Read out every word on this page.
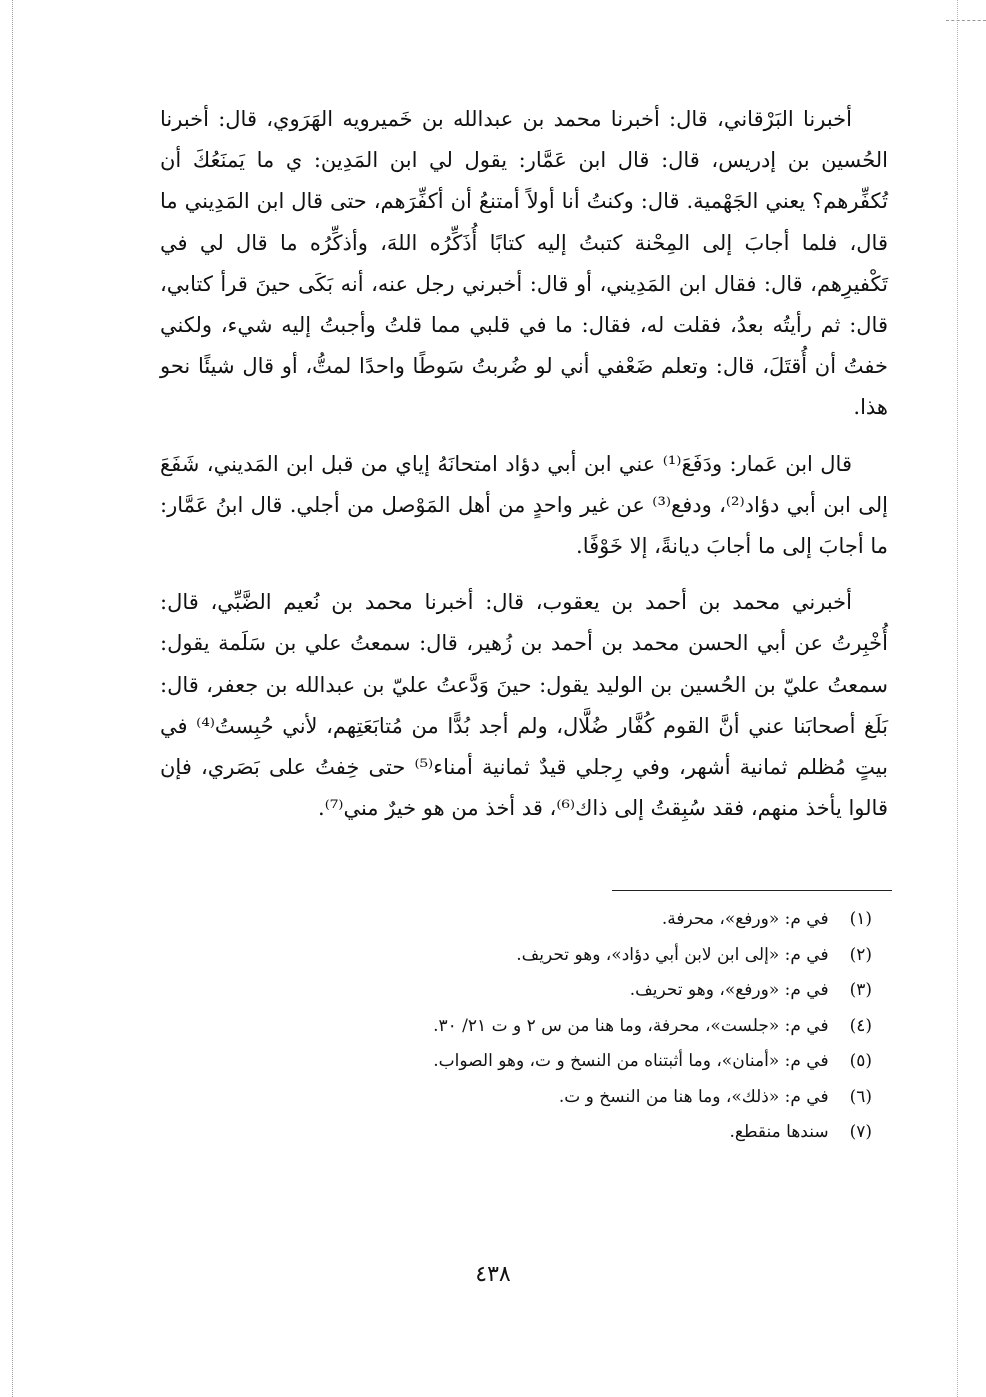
أخبرنا البَرْقاني، قال: أخبرنا محمد بن عبدالله بن خَميرويه الهَرَوي، قال: أخبرنا الحُسين بن إدريس، قال: قال ابن عَمَّار: يقول لي ابن المَدِين: ي ما يَمنَعُكَ أن تُكفِّرهم؟ يعني الجَهْمية. قال: وكنتُ أنا أولاً أمتنعُ أن أكفِّرَهم، حتى قال ابن المَدِيني ما قال، فلما أجابَ إلى المِحْنة كتبتُ إليه كتابًا أُذَكِّرُه اللهَ، وأذكِّرُه ما قال لي في تَكْفيرِهم، قال: فقال ابن المَدِيني، أو قال: أخبرني رجل عنه، أنه بَكَى حينَ قرأ كتابي، قال: ثم رأيتُه بعدُ، فقلت له، فقال: ما في قلبي مما قلتُ وأجبتُ إليه شيء، ولكني خفتُ أن أُقتَلَ، قال: وتعلم ضَعْفي أني لو ضُربتُ سَوطًا واحدًا لمتُّ، أو قال شيئًا نحو هذا.

قال ابن عَمار: ودَفَعَ⁽¹⁾ عني ابن أبي دؤاد امتحانَهُ إياي من قبل ابن المَديني، شَفَعَ إلى ابن أبي دؤاد⁽²⁾، ودفع⁽³⁾ عن غير واحدٍ من أهل المَوْصل من أجلي. قال ابنُ عَمَّار: ما أجابَ إلى ما أجابَ ديانةً، إلا خَوْفًا.

أخبرني محمد بن أحمد بن يعقوب، قال: أخبرنا محمد بن نُعيم الضَّبِّي، قال: أُخْبِرتُ عن أبي الحسن محمد بن أحمد بن زُهير، قال: سمعتُ علي بن سَلَمة يقول: سمعتُ عليّ بن الحُسين بن الوليد يقول: حينَ وَدَّعتُ عليّ بن عبدالله بن جعفر، قال: بَلَغ أصحابَنا عني أنَّ القوم كُفَّار ضُلَّال، ولم أجد بُدًّا من مُتابَعَتِهم، لأني حُبِستُ⁽⁴⁾ في بيتٍ مُظلم ثمانية أشهر، وفي رِجلي قيدٌ ثمانية أمناء⁽⁵⁾ حتى خِفتُ على بَصَري، فإن قالوا يأخذ منهم، فقد سُبِقتُ إلى ذاك⁽⁶⁾، قد أخذ من هو خيرٌ مني⁽⁷⁾.

(١) في م: «ورفع»، محرفة.
(٢) في م: «إلى ابن لابن أبي دؤاد»، وهو تحريف.
(٣) في م: «ورفع»، وهو تحريف.
(٤) في م: «جلست»، محرفة، وما هنا من س ٢ و ت ٢١/ ٣٠.
(٥) في م: «أمنان»، وما أثبتناه من النسخ و ت، وهو الصواب.
(٦) في م: «ذلك»، وما هنا من النسخ و ت.
(٧) سندها منقطع.
٤٣٨
